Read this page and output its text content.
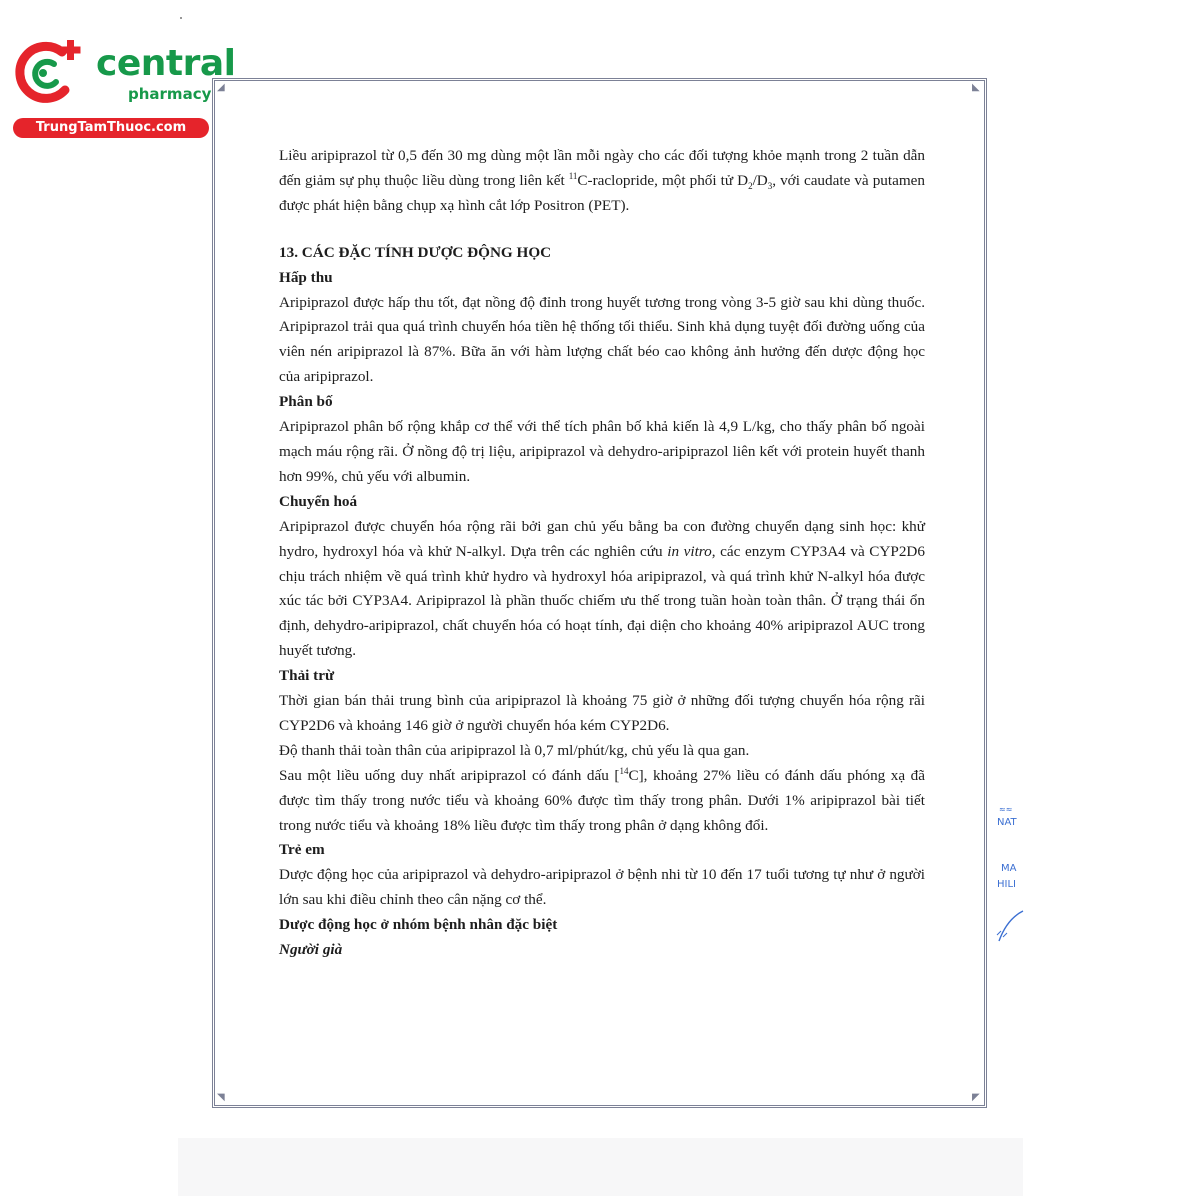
central
pharmacy
TrungTamThuoc.com
◢	◣
◥	◤

Liều aripiprazol từ 0,5 đến 30 mg dùng một lần mỗi ngày cho các đối tượng khỏe mạnh trong 2 tuần dẫn đến giảm sự phụ thuộc liều dùng trong liên kết $^{11}$C-raclopride, một phối tử $D_2/D_3$, với caudate và putamen được phát hiện bằng chụp xạ hình cắt lớp Positron (PET).

13. CÁC ĐẶC TÍNH DƯỢC ĐỘNG HỌC

Hấp thu

Aripiprazol được hấp thu tốt, đạt nồng độ đỉnh trong huyết tương trong vòng 3-5 giờ sau khi dùng thuốc. Aripiprazol trải qua quá trình chuyển hóa tiền hệ thống tối thiểu. Sinh khả dụng tuyệt đối đường uống của viên nén aripiprazol là 87%. Bữa ăn với hàm lượng chất béo cao không ảnh hưởng đến dược động học của aripiprazol.

Phân bố

Aripiprazol phân bố rộng khắp cơ thể với thể tích phân bố khả kiến là 4,9 L/kg, cho thấy phân bố ngoài mạch máu rộng rãi. Ở nồng độ trị liệu, aripiprazol và dehydro-aripiprazol liên kết với protein huyết thanh hơn 99%, chủ yếu với albumin.

Chuyển hoá

Aripiprazol được chuyển hóa rộng rãi bởi gan chủ yếu bằng ba con đường chuyển dạng sinh học: khử hydro, hydroxyl hóa và khử N-alkyl. Dựa trên các nghiên cứu in vitro, các enzym CYP3A4 và CYP2D6 chịu trách nhiệm về quá trình khử hydro và hydroxyl hóa aripiprazol, và quá trình khử N-alkyl hóa được xúc tác bởi CYP3A4. Aripiprazol là phần thuốc chiếm ưu thế trong tuần hoàn toàn thân. Ở trạng thái ổn định, dehydro-aripiprazol, chất chuyển hóa có hoạt tính, đại diện cho khoảng 40% aripiprazol AUC trong huyết tương.

Thải trừ

Thời gian bán thải trung bình của aripiprazol là khoảng 75 giờ ở những đối tượng chuyển hóa rộng rãi CYP2D6 và khoảng 146 giờ ở người chuyển hóa kém CYP2D6.

Độ thanh thải toàn thân của aripiprazol là 0,7 ml/phút/kg, chủ yếu là qua gan.

Sau một liều uống duy nhất aripiprazol có đánh dấu [$^{14}$C], khoảng 27% liều có đánh dấu phóng xạ đã được tìm thấy trong nước tiểu và khoảng 60% được tìm thấy trong phân. Dưới 1% aripiprazol bài tiết trong nước tiểu và khoảng 18% liều được tìm thấy trong phân ở dạng không đổi.

Trẻ em

Dược động học của aripiprazol và dehydro-aripiprazol ở bệnh nhi từ 10 đến 17 tuổi tương tự như ở người lớn sau khi điều chỉnh theo cân nặng cơ thể.

Dược động học ở nhóm bệnh nhân đặc biệt

Người già

≈≈
NAT
MA
HILI
